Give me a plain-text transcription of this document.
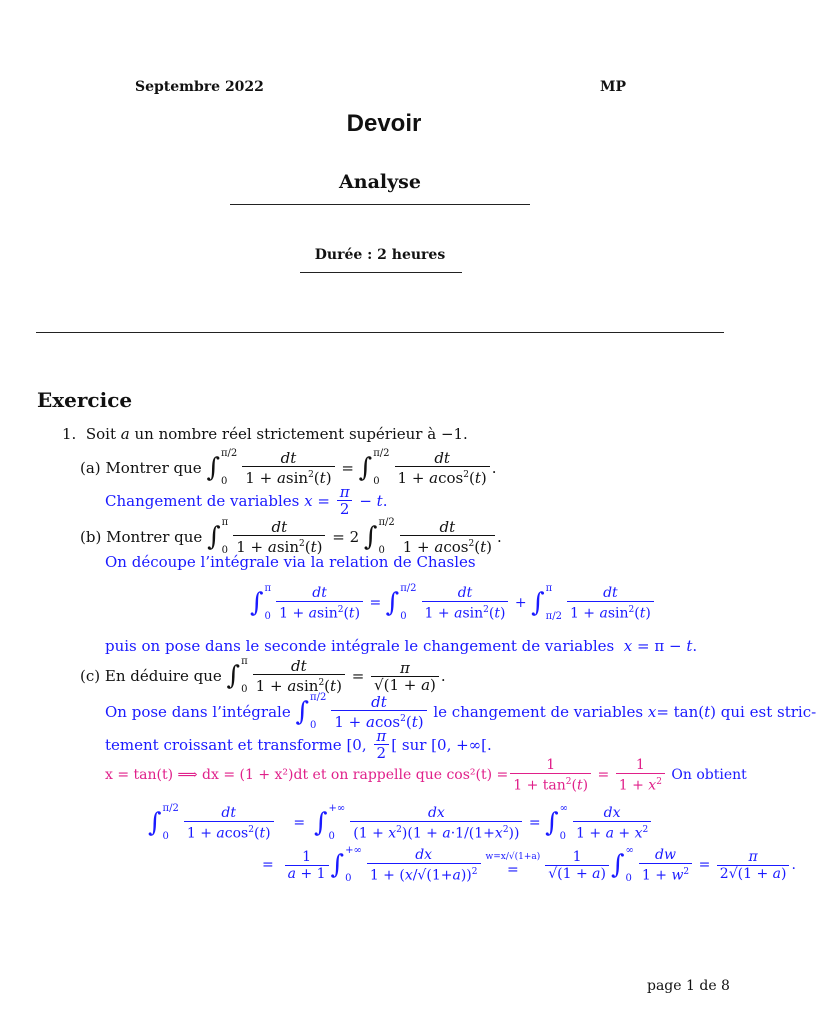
Septembre 2022	MP
Devoir
Analyse
Durée : 2 heures
Exercice
1.  Soit a un nombre réel strictement supérieur à −1.
(a)
Montrer que
∫ π/2
$0 \frac{dt}{1 + asin^2(t)}$ = ∫ π/2
$0 \frac{dt}{1 + acos^2(t)}$ .
Changement de variables
$x = \frac{\pi}{2} - t$ .
(b)
Montrer que
∫ π
$0 \frac{dt}{1 + asin^2(t)} = 2$ ∫ π/2
$0 \frac{dt}{1 + acos^2(t)}$ .
On découpe l’intégrale via la relation de Chasles
∫ π
$0 \frac{dt}{1 + asin^2(t)}$ = ∫ π/2
0	$\frac{dt}{1 + asin^2(t)}$ + ∫ π
$\pi/2 \frac{dt}{1 + asin^2(t)}$
puis on pose dans le seconde intégrale le changement de variables x = π − t.
(c)
En déduire que
∫ π
$0 \frac{dt}{1 + asin^2(t)} = \frac{\pi}{√(1 + a)}$ .
On pose dans l’intégrale
∫ π/2
$0 \frac{dt}{1 + acos^2(t)}$
le changement de variables
x = tan( t ) qui est stric-
tement croissant et transforme [0, $\frac{\pi}{2}$ [ sur [0, +∞[.
x = tan(t) ⟹ dx = (1 + x²)dt et on rappelle que $\cos^2(t) = \frac{1}{1 + \tan^2(t)} = \frac{1}{1 + x^2}$
On obtient
∫ π/2
0	$\frac{dt}{1 + acos^2(t)}$ = ∫ +∞
0	$\frac{dx}{(1 + x^2)(1 + a\cdot 1/(1+x^2))}$ = ∫ ∞
$0 \frac{dx}{1 + a + x^2}$
= $\frac{1}{a + 1}$ ∫ +∞
0	$\frac{dx}{1 + (x/√(1+a))^2} w=x/√(1+a)$
= $\frac{1}{√(1 + a)}$ ∫ ∞
$0 \frac{dw}{1 + w^2} = \frac{\pi}{2√(1 + a)}$ .
page 1 de 8
